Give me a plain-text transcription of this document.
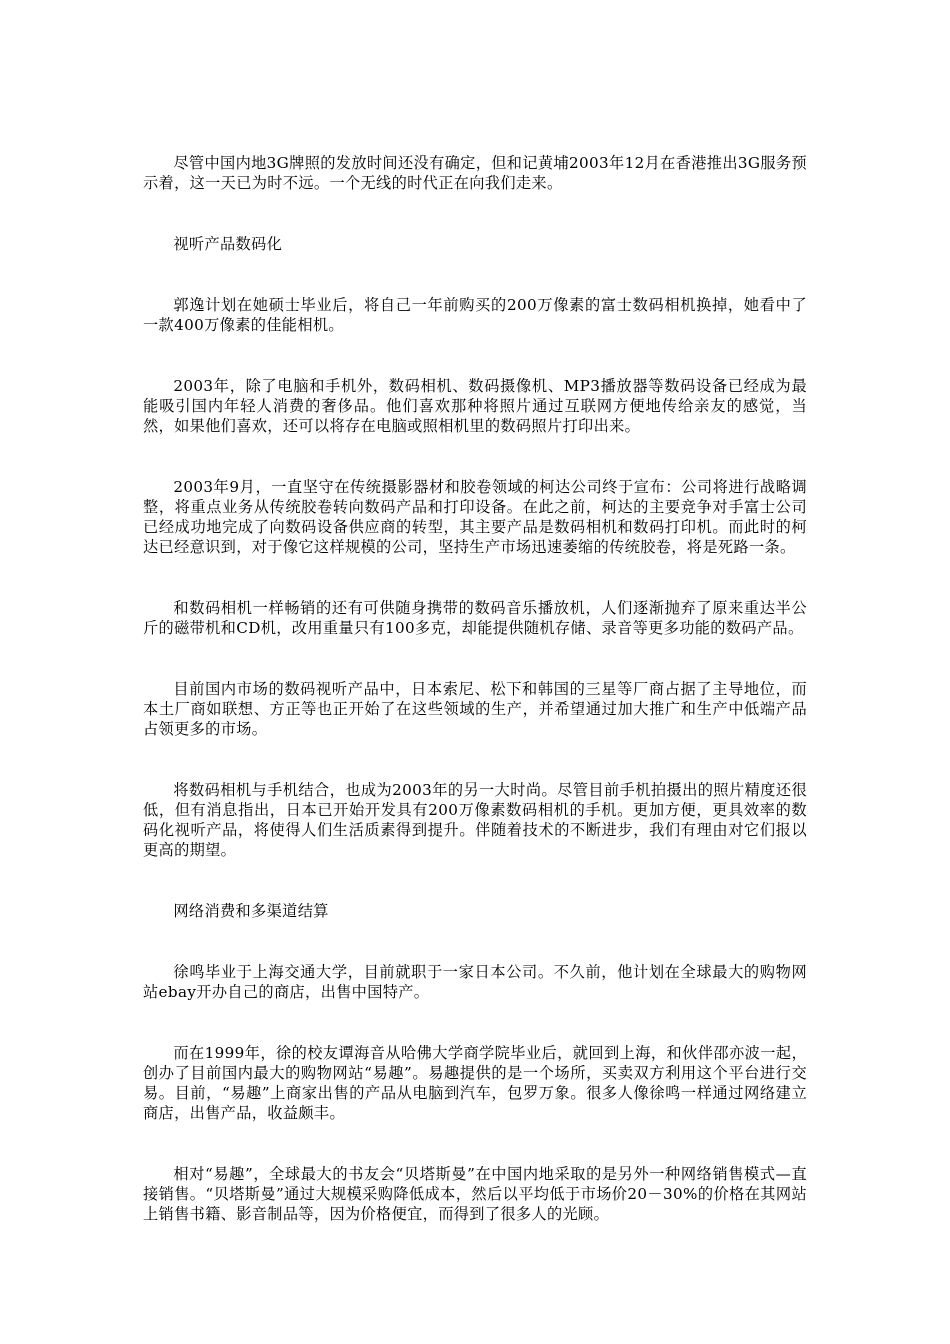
尽管中国内地3G牌照的发放时间还没有确定，但和记黄埔2003年12月在香港推出3G服务预示着，这一天已为时不远。一个无线的时代正在向我们走来。

视听产品数码化

郭逸计划在她硕士毕业后，将自己一年前购买的200万像素的富士数码相机换掉，她看中了一款400万像素的佳能相机。

2003年，除了电脑和手机外，数码相机、数码摄像机、MP3播放器等数码设备已经成为最能吸引国内年轻人消费的奢侈品。他们喜欢那种将照片通过互联网方便地传给亲友的感觉，当然，如果他们喜欢，还可以将存在电脑或照相机里的数码照片打印出来。

2003年9月，一直坚守在传统摄影器材和胶卷领域的柯达公司终于宣布：公司将进行战略调整，将重点业务从传统胶卷转向数码产品和打印设备。在此之前，柯达的主要竞争对手富士公司已经成功地完成了向数码设备供应商的转型，其主要产品是数码相机和数码打印机。而此时的柯达已经意识到，对于像它这样规模的公司，坚持生产市场迅速萎缩的传统胶卷，将是死路一条。

和数码相机一样畅销的还有可供随身携带的数码音乐播放机，人们逐渐抛弃了原来重达半公斤的磁带机和CD机，改用重量只有100多克，却能提供随机存储、录音等更多功能的数码产品。

目前国内市场的数码视听产品中，日本索尼、松下和韩国的三星等厂商占据了主导地位，而本土厂商如联想、方正等也正开始了在这些领域的生产，并希望通过加大推广和生产中低端产品占领更多的市场。

将数码相机与手机结合，也成为2003年的另一大时尚。尽管目前手机拍摄出的照片精度还很低，但有消息指出，日本已开始开发具有200万像素数码相机的手机。更加方便，更具效率的数码化视听产品，将使得人们生活质素得到提升。伴随着技术的不断进步，我们有理由对它们报以更高的期望。

网络消费和多渠道结算

徐鸣毕业于上海交通大学，目前就职于一家日本公司。不久前，他计划在全球最大的购物网站ebay开办自己的商店，出售中国特产。

而在1999年，徐的校友谭海音从哈佛大学商学院毕业后，就回到上海，和伙伴邵亦波一起，创办了目前国内最大的购物网站“易趣”。易趣提供的是一个场所，买卖双方利用这个平台进行交易。目前，“易趣”上商家出售的产品从电脑到汽车，包罗万象。很多人像徐鸣一样通过网络建立商店，出售产品，收益颇丰。

相对“易趣”，全球最大的书友会“贝塔斯曼”在中国内地采取的是另外一种网络销售模式—直接销售。“贝塔斯曼”通过大规模采购降低成本，然后以平均低于市场价20－30%的价格在其网站上销售书籍、影音制品等，因为价格便宜，而得到了很多人的光顾。
